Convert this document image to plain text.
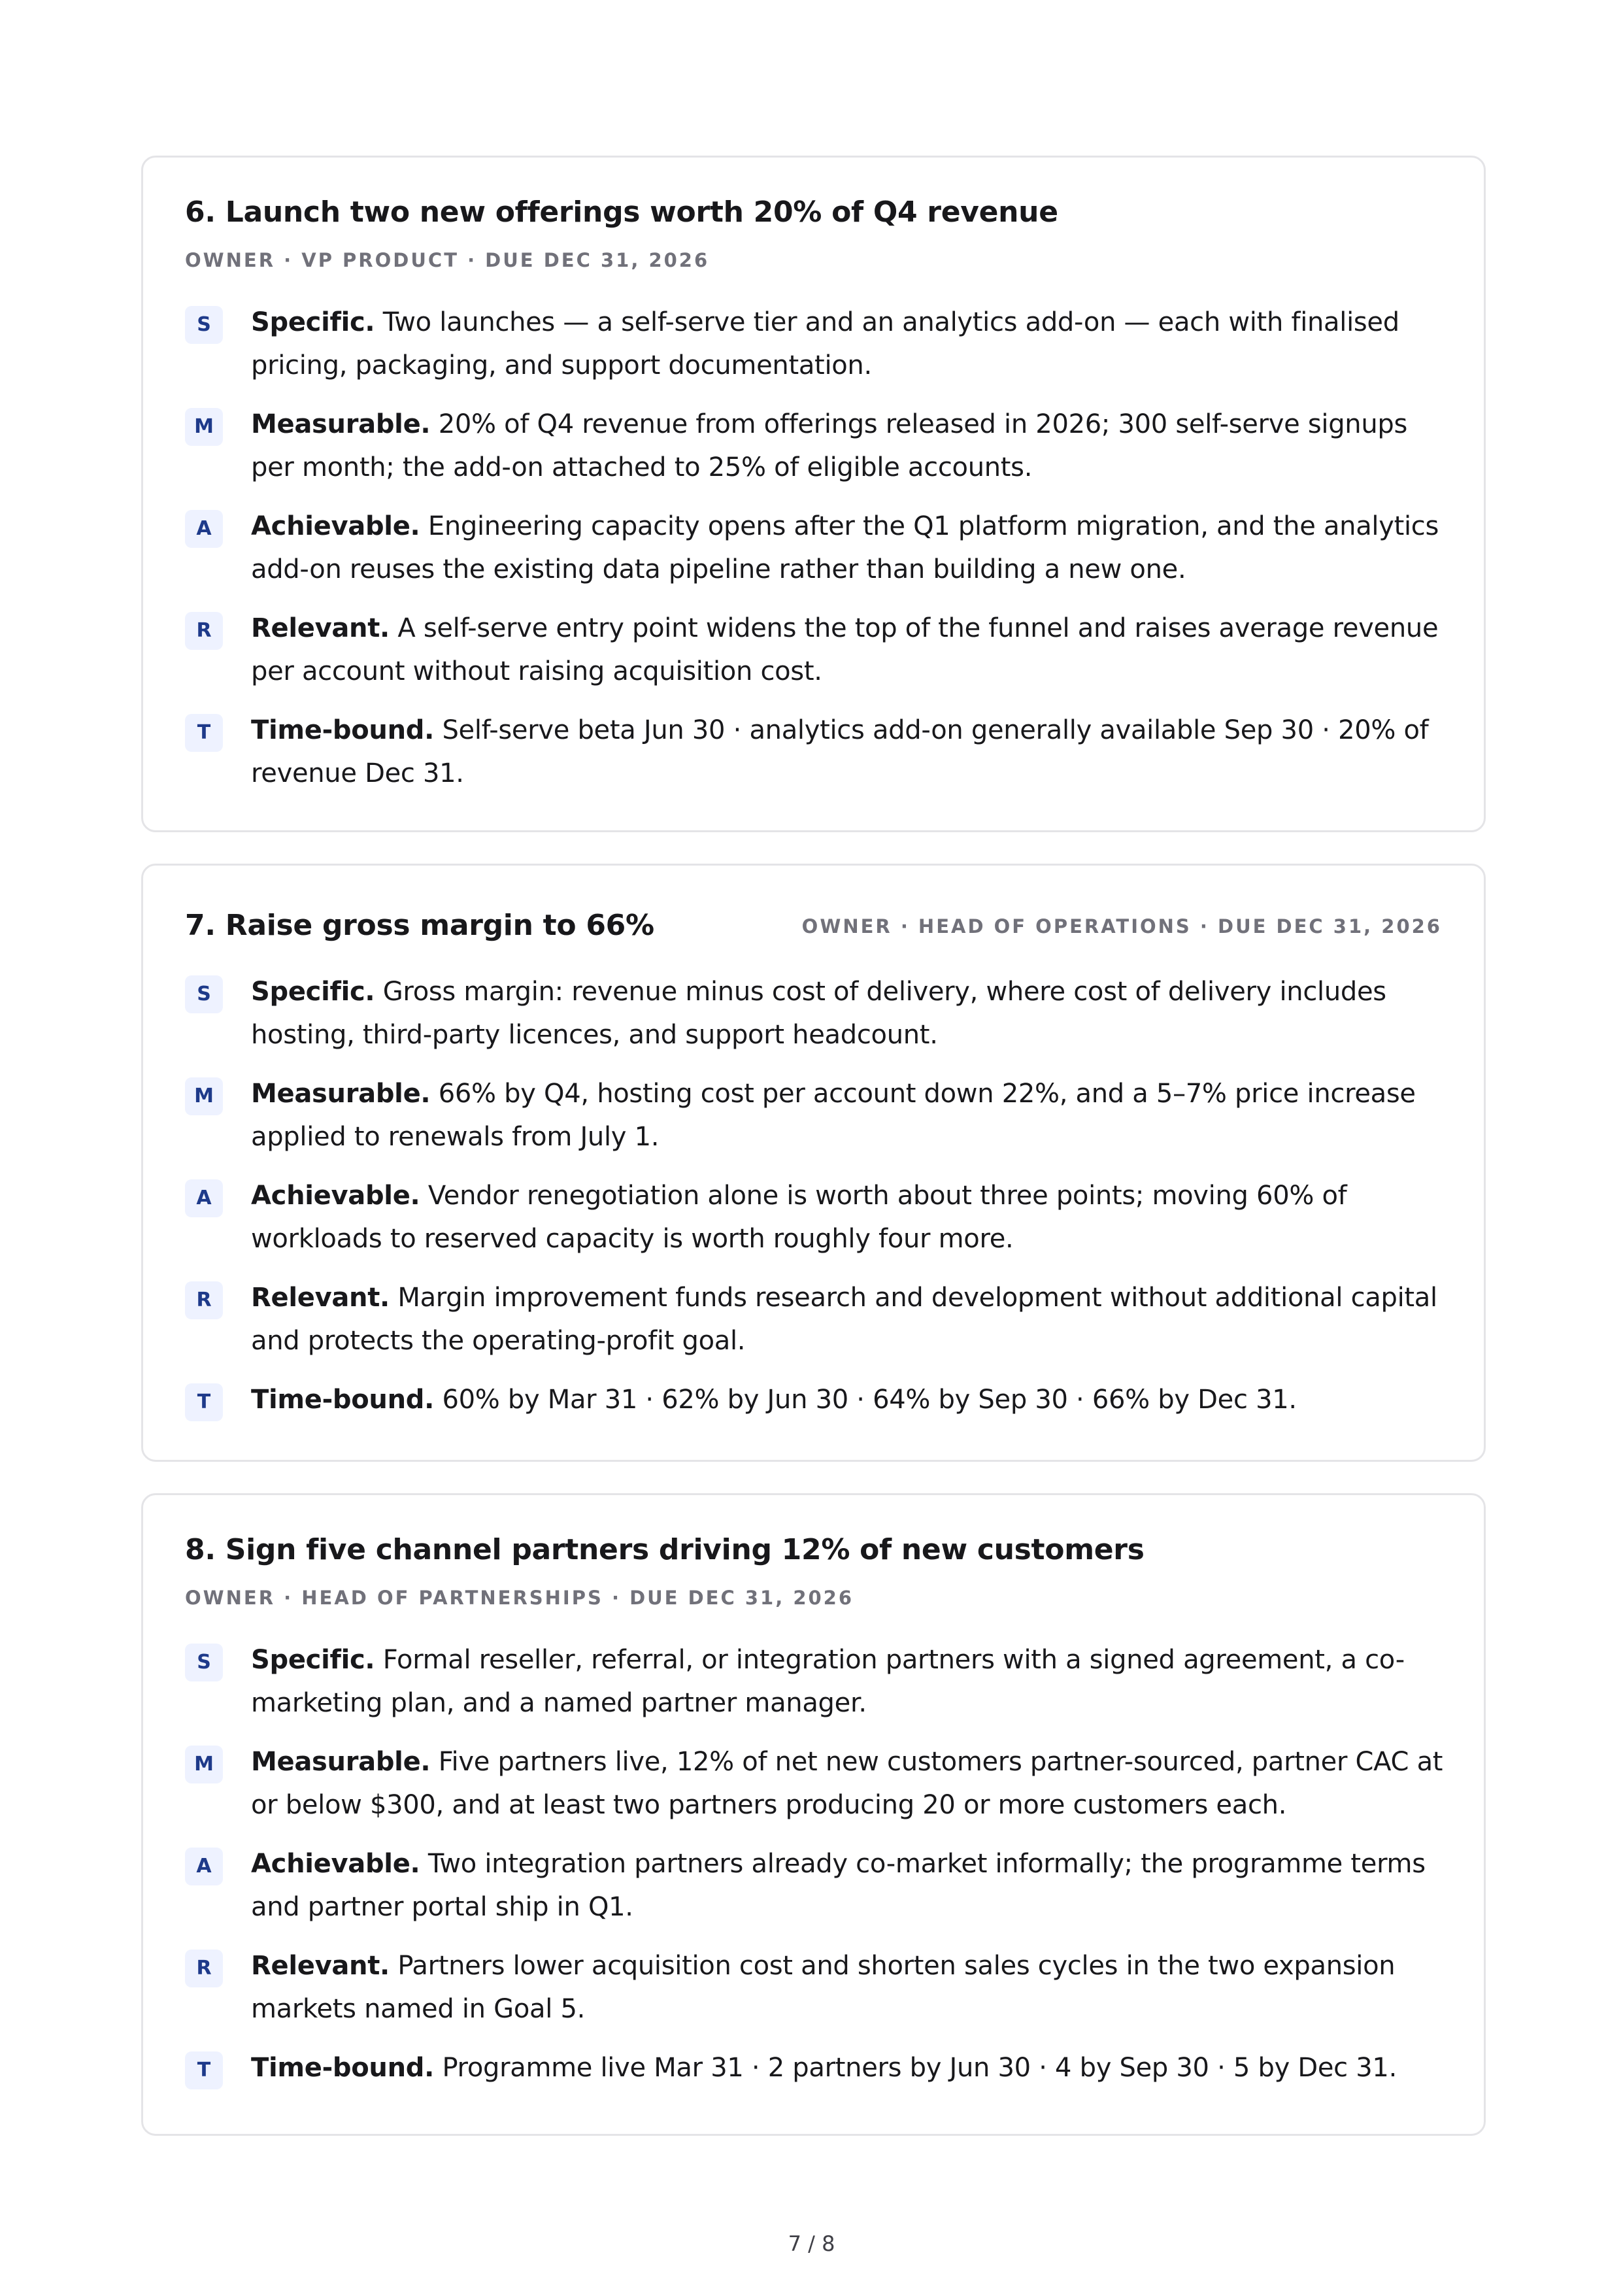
6. Launch two new offerings worth 20% of Q4 revenue
OWNER · VP PRODUCT · DUE DEC 31, 2026
S	Specific. Two launches — a self-serve tier and an analytics add-on — each with finalised pricing, packaging, and support documentation.
M	Measurable. 20% of Q4 revenue from offerings released in 2026; 300 self-serve signups per month; the add-on attached to 25% of eligible accounts.
A	Achievable. Engineering capacity opens after the Q1 platform migration, and the analytics add-on reuses the existing data pipeline rather than building a new one.
R	Relevant. A self-serve entry point widens the top of the funnel and raises average revenue per account without raising acquisition cost.
T	Time-bound. Self-serve beta Jun 30 · analytics add-on generally available Sep 30 · 20% of revenue Dec 31.
7. Raise gross margin to 66%	OWNER · HEAD OF OPERATIONS · DUE DEC 31, 2026
S	Specific. Gross margin: revenue minus cost of delivery, where cost of delivery includes hosting, third-party licences, and support headcount.
M	Measurable. 66% by Q4, hosting cost per account down 22%, and a 5–7% price increase applied to renewals from July 1.
A	Achievable. Vendor renegotiation alone is worth about three points; moving 60% of workloads to reserved capacity is worth roughly four more.
R	Relevant. Margin improvement funds research and development without additional capital and protects the operating-profit goal.
T	Time-bound. 60% by Mar 31 · 62% by Jun 30 · 64% by Sep 30 · 66% by Dec 31.
8. Sign five channel partners driving 12% of new customers
OWNER · HEAD OF PARTNERSHIPS · DUE DEC 31, 2026
S	Specific. Formal reseller, referral, or integration partners with a signed agreement, a co-marketing plan, and a named partner manager.
M	Measurable. Five partners live, 12% of net new customers partner-sourced, partner CAC at or below $300, and at least two partners producing 20 or more customers each.
A	Achievable. Two integration partners already co-market informally; the programme terms and partner portal ship in Q1.
R	Relevant. Partners lower acquisition cost and shorten sales cycles in the two expansion markets named in Goal 5.
T	Time-bound. Programme live Mar 31 · 2 partners by Jun 30 · 4 by Sep 30 · 5 by Dec 31.
7 / 8
